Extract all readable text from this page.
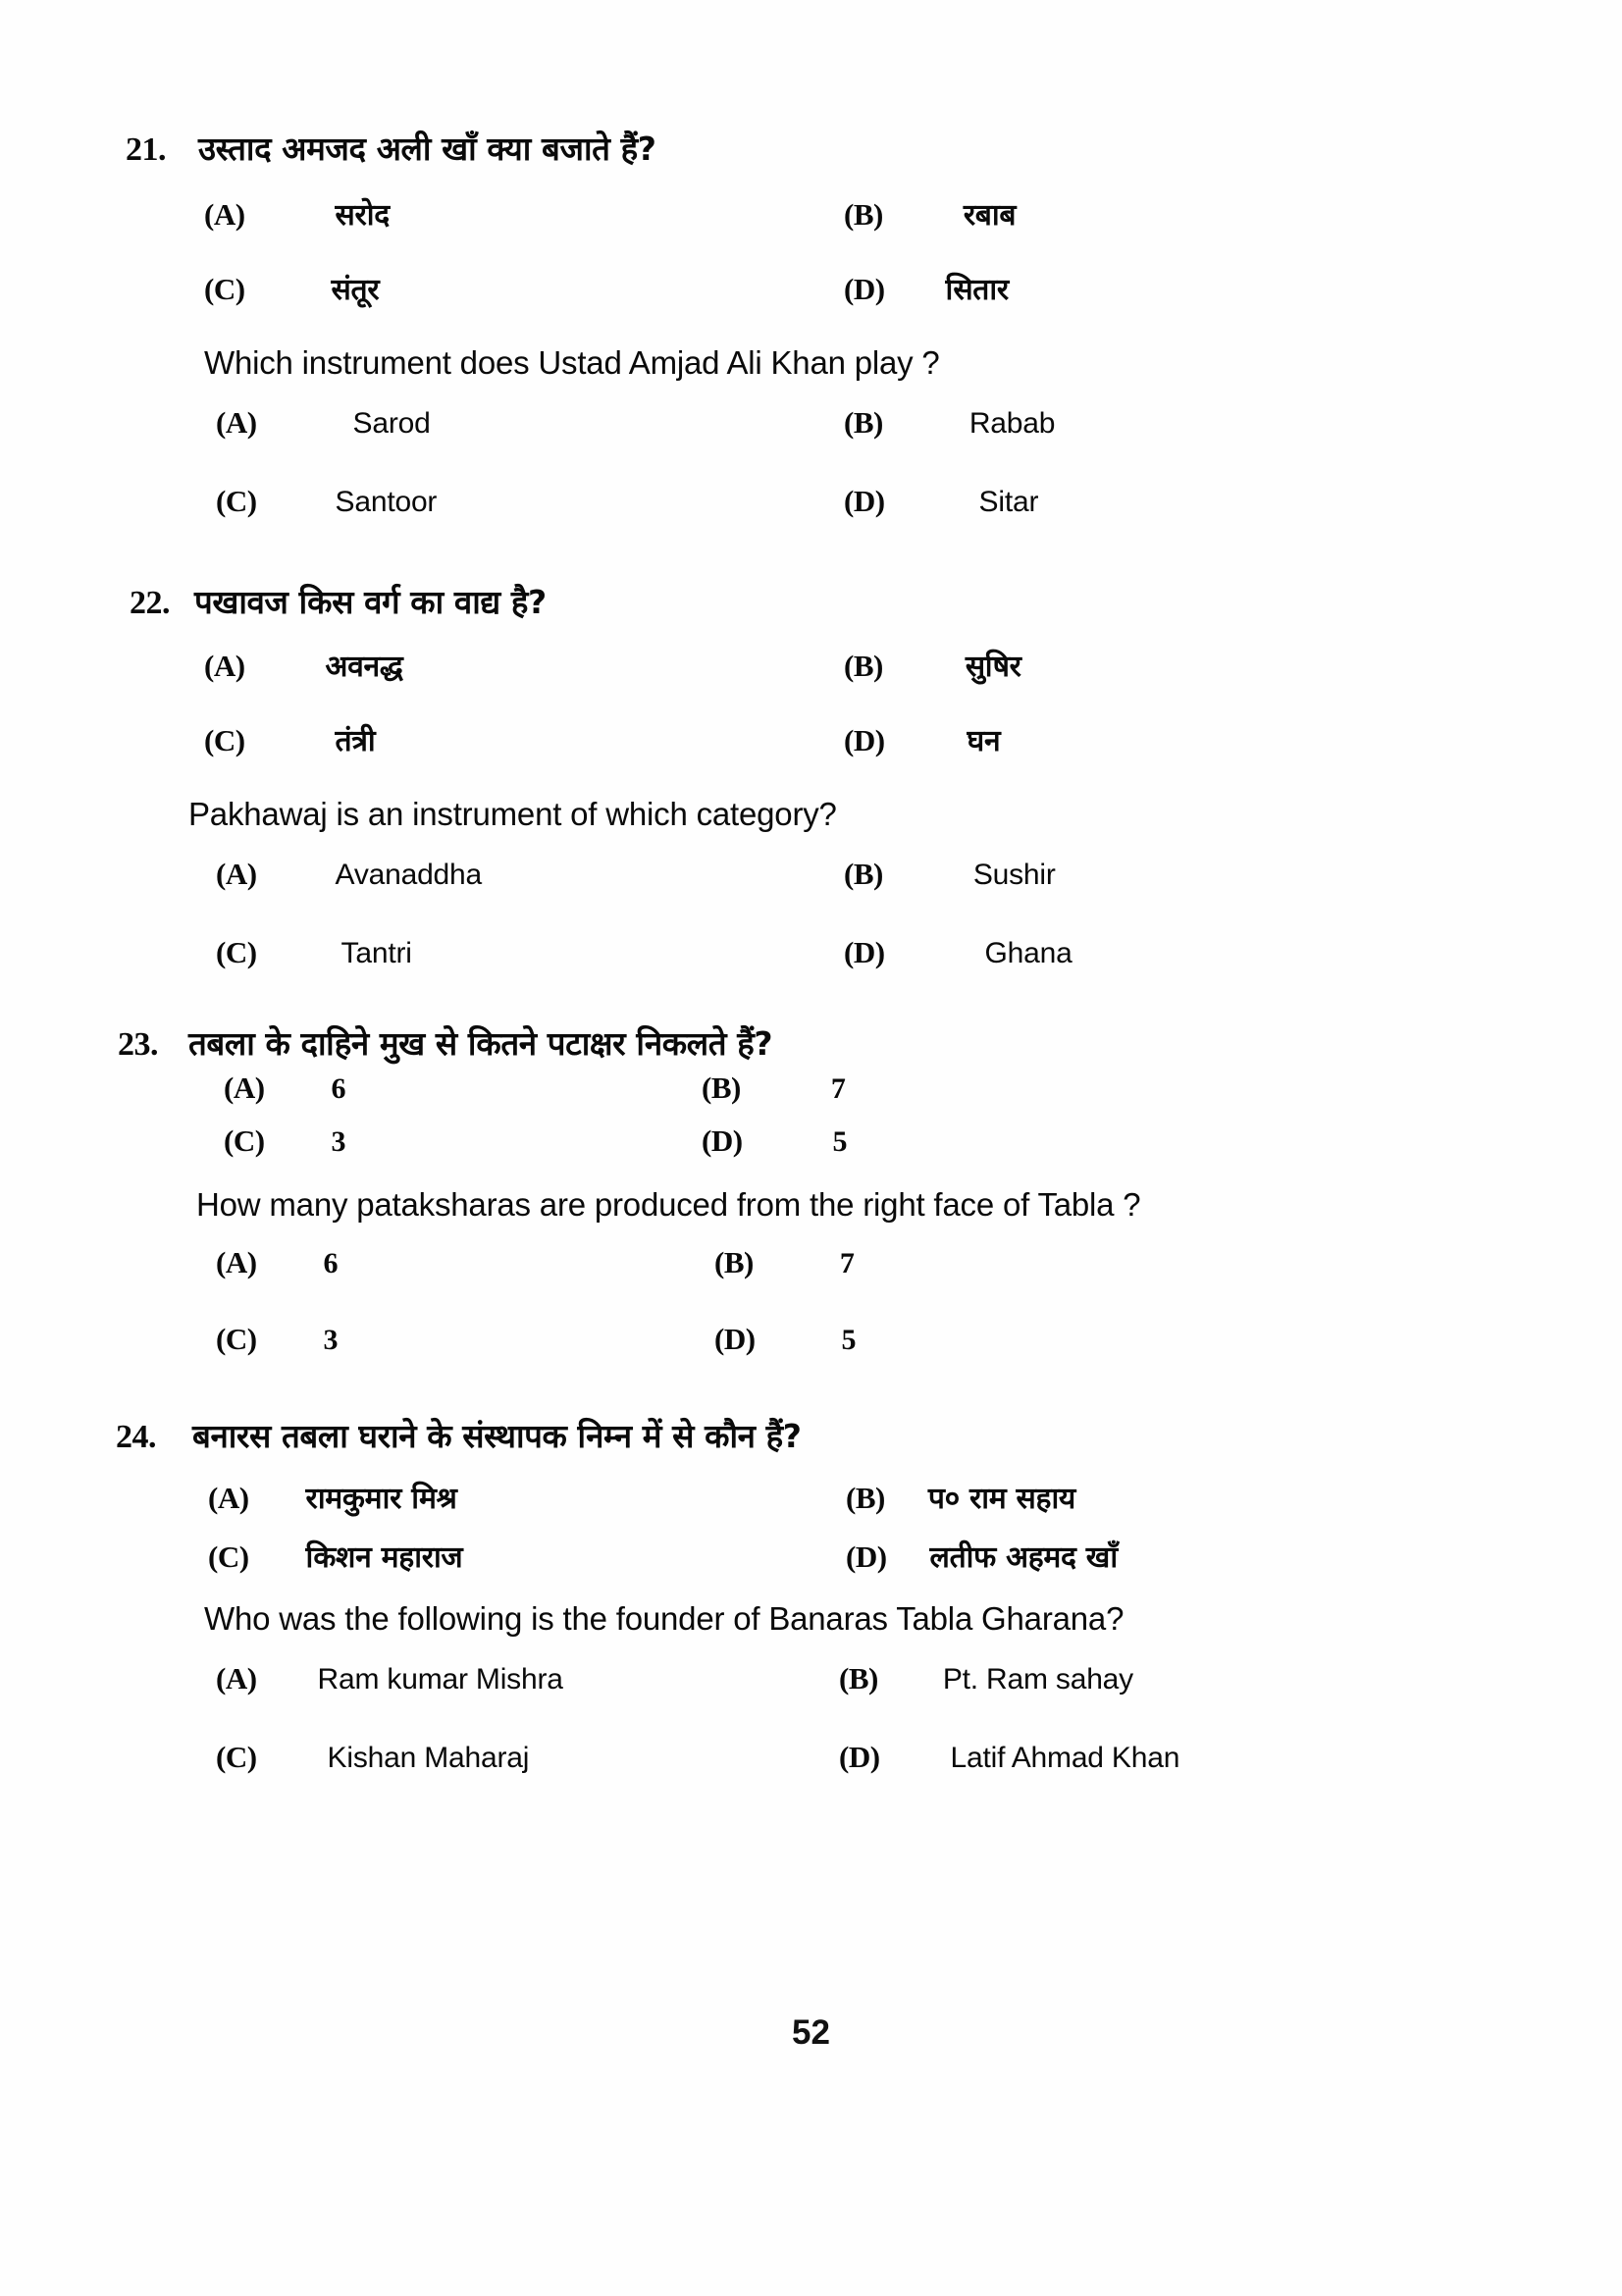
21.	उस्ताद अमजद अली खाँ क्या बजाते हैं?
(A)	सरोद	(B)	रबाब
(C)	संतूर	(D) सितार
Which instrument does Ustad Amjad Ali Khan play ?
(A)	Sarod	(B)	Rabab
(C)	Santoor	(D)	Sitar
22. पखावज किस वर्ग का वाद्य है?
(A)	अवनद्ध	(B)	सुषिर
(C)	तंत्री	(D)	घन
Pakhawaj is an instrument of which category?
(A)	Avanaddha	(B)	Sushir
(C)	Tantri	(D)	Ghana
23. तबला के दाहिने मुख से कितने पटाक्षर निकलते हैं?
(A) 6	(B)	7
(C) 3	(D)	5
How many pataksharas are produced from the right face of Tabla ?
(A) 6	(B)	7
(C) 3	(D)	5
24.	बनारस तबला घराने के संस्थापक निम्न में से कौन हैं?
(A) रामकुमार मिश्र	(B) प० राम सहाय
(C) किशन महाराज	(D) लतीफ अहमद खाँ
Who was the following is the founder of Banaras Tabla Gharana?
(A) Ram kumar Mishra	(B) Pt. Ram sahay
(C) Kishan Maharaj	(D) Latif Ahmad Khan
52
